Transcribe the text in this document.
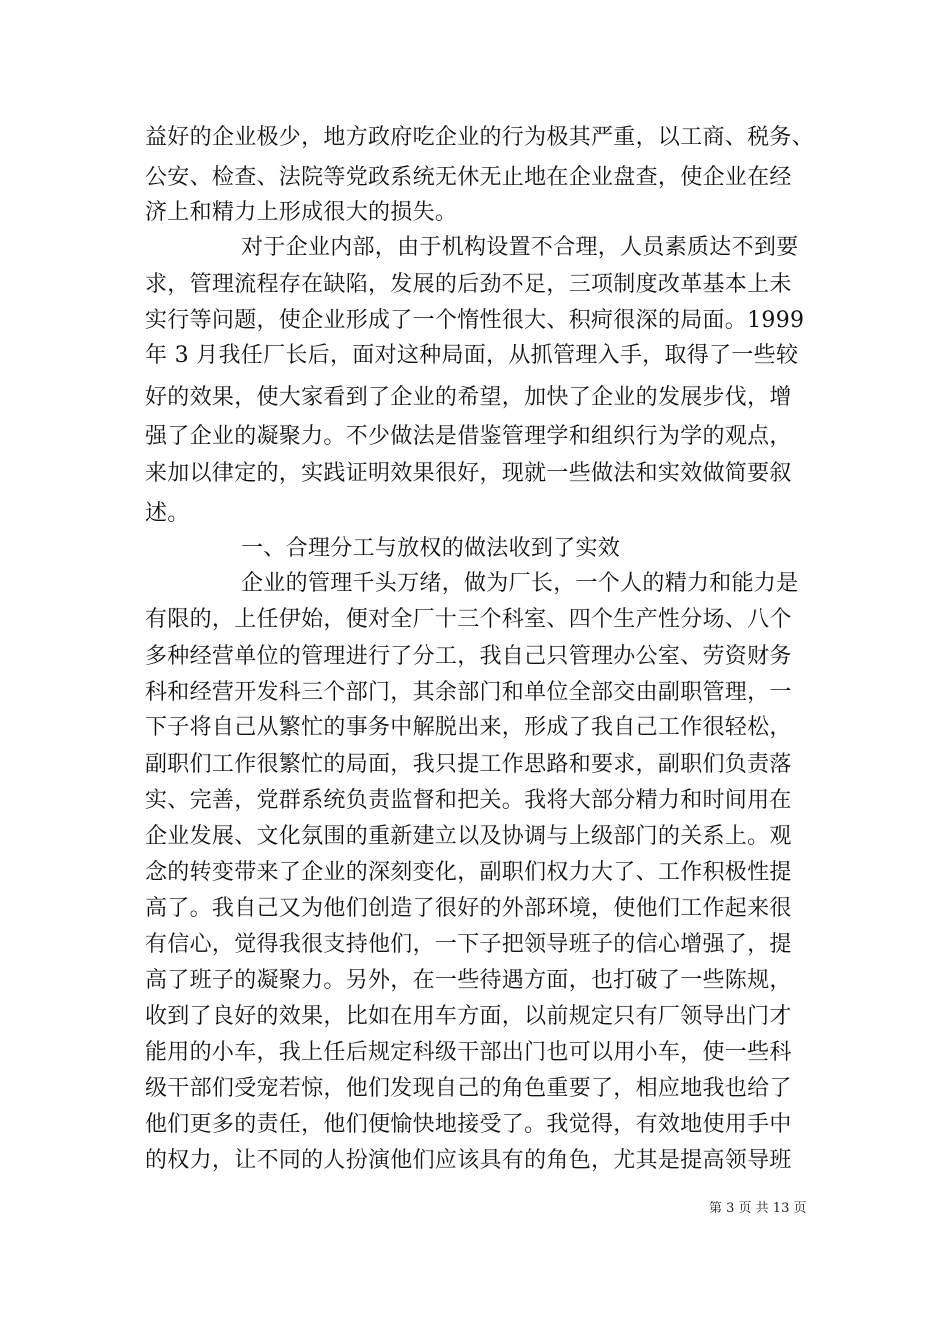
益好的企业极少，地方政府吃企业的行为极其严重，以工商、税务、
公安、检查、法院等党政系统无休无止地在企业盘查，使企业在经
济上和精力上形成很大的损失。
对于企业内部，由于机构设置不合理，人员素质达不到要
求，管理流程存在缺陷，发展的后劲不足，三项制度改革基本上未
实行等问题，使企业形成了一个惰性很大、积疴很深的局面。1999
年 3 月我任厂长后，面对这种局面，从抓管理入手，取得了一些较
好的效果，使大家看到了企业的希望，加快了企业的发展步伐，增
强了企业的凝聚力。不少做法是借鉴管理学和组织行为学的观点，
来加以律定的，实践证明效果很好，现就一些做法和实效做简要叙
述。
一、合理分工与放权的做法收到了实效
企业的管理千头万绪，做为厂长，一个人的精力和能力是
有限的，上任伊始，便对全厂十三个科室、四个生产性分场、八个
多种经营单位的管理进行了分工，我自己只管理办公室、劳资财务
科和经营开发科三个部门，其余部门和单位全部交由副职管理，一
下子将自己从繁忙的事务中解脱出来，形成了我自己工作很轻松，
副职们工作很繁忙的局面，我只提工作思路和要求，副职们负责落
实、完善，党群系统负责监督和把关。我将大部分精力和时间用在
企业发展、文化氛围的重新建立以及协调与上级部门的关系上。观
念的转变带来了企业的深刻变化，副职们权力大了、工作积极性提
高了。我自己又为他们创造了很好的外部环境，使他们工作起来很
有信心，觉得我很支持他们，一下子把领导班子的信心增强了，提
高了班子的凝聚力。另外，在一些待遇方面，也打破了一些陈规，
收到了良好的效果，比如在用车方面，以前规定只有厂领导出门才
能用的小车，我上任后规定科级干部出门也可以用小车，使一些科
级干部们受宠若惊，他们发现自己的角色重要了，相应地我也给了
他们更多的责任，他们便愉快地接受了。我觉得，有效地使用手中
的权力，让不同的人扮演他们应该具有的角色，尤其是提高领导班
第 3 页 共 13 页
